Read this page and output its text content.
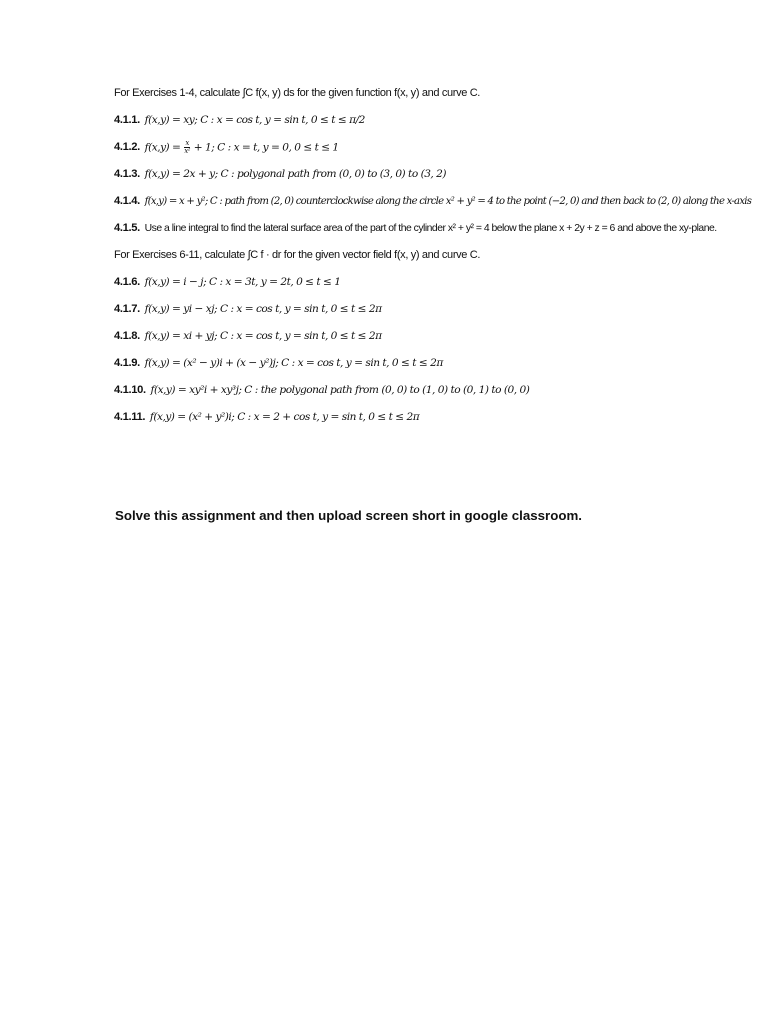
For Exercises 1-4, calculate ∫C f(x, y) ds for the given function f(x, y) and curve C.
4.1.1. f(x,y) = xy; C : x = cos t, y = sin t, 0 ≤ t ≤ π/2
4.1.2. $f(x,y) = \frac{x}{\text{x²}} + 1$; C : x = t, y = 0, 0 ≤ t ≤ 1
4.1.3. f(x,y) = 2x + y; C : polygonal path from (0, 0) to (3, 0) to (3, 2)
4.1.4. f(x,y) = x + y²; C : path from (2, 0) counterclockwise along the circle x² + y² = 4 to the point (−2, 0) and then back to (2, 0) along the x-axis
4.1.5. Use a line integral to find the lateral surface area of the part of the cylinder x² + y² = 4 below the plane x + 2y + z = 6 and above the xy-plane.
For Exercises 6-11, calculate ∫C f · dr for the given vector field f(x, y) and curve C.
4.1.6. f(x,y) = i − j; C : x = 3t, y = 2t, 0 ≤ t ≤ 1
4.1.7. f(x,y) = yi − xj; C : x = cos t, y = sin t, 0 ≤ t ≤ 2π
4.1.8. f(x,y) = xi + yj; C : x = cos t, y = sin t, 0 ≤ t ≤ 2π
4.1.9. f(x,y) = (x² − y)i + (x − y²)j; C : x = cos t, y = sin t, 0 ≤ t ≤ 2π
4.1.10. f(x,y) = xy²i + xy³j; C : the polygonal path from (0, 0) to (1, 0) to (0, 1) to (0, 0)
4.1.11. f(x,y) = (x² + y²)i; C : x = 2 + cos t, y = sin t, 0 ≤ t ≤ 2π
Solve this assignment and then upload screen short in google classroom.
